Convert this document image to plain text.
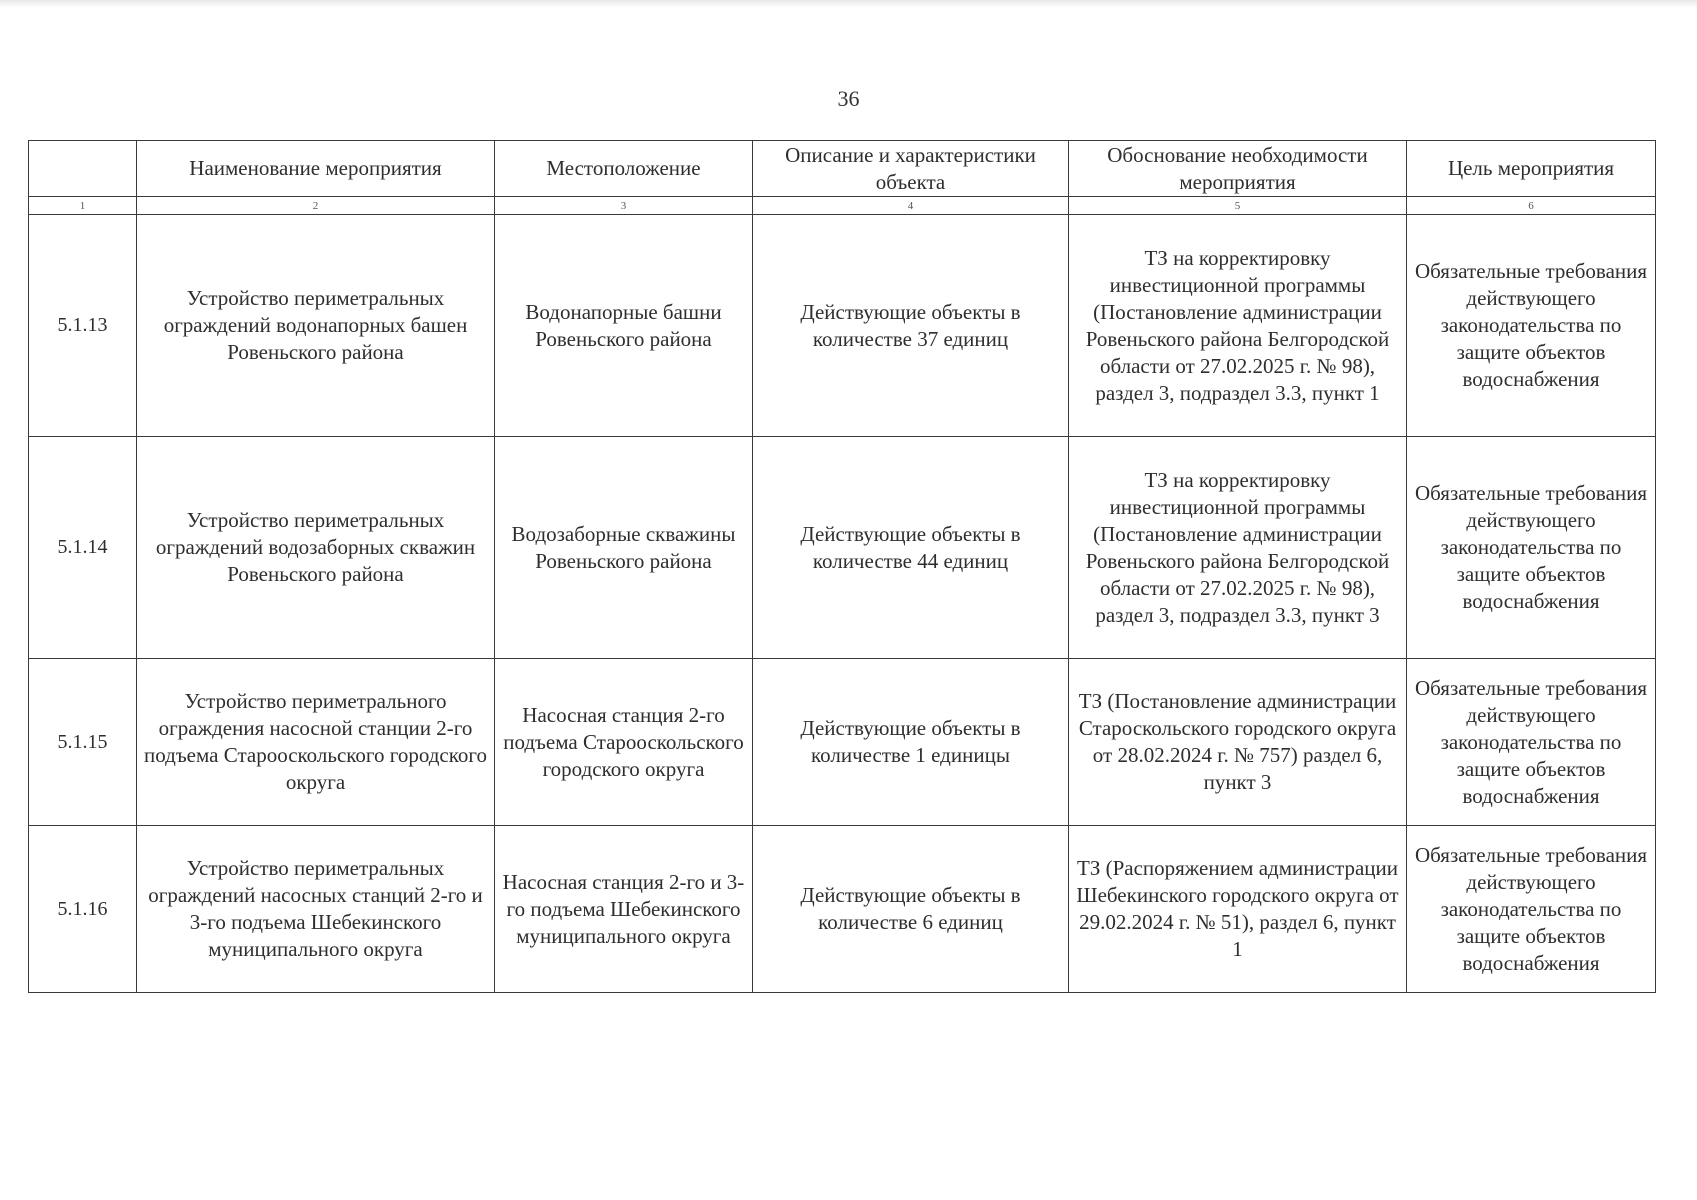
36
	Наименование мероприятия	Местоположение	Описание и характеристики объекта	Обоснование необходимости мероприятия	Цель мероприятия
1	2	3	4	5	6
5.1.13	Устройство периметральных ограждений водонапорных башен Ровеньского района	Водонапорные башни Ровеньского района	Действующие объекты в количестве 37 единиц	ТЗ на корректировку инвестиционной программы (Постановление администрации Ровеньского района Белгородской области от 27.02.2025 г. № 98), раздел 3, подраздел 3.3, пункт 1	Обязательные требования действующего законодательства по защите объектов водоснабжения
5.1.14	Устройство периметральных ограждений водозаборных скважин Ровеньского района	Водозаборные скважины Ровеньского района	Действующие объекты в количестве 44 единиц	ТЗ на корректировку инвестиционной программы (Постановление администрации Ровеньского района Белгородской области от 27.02.2025 г. № 98), раздел 3, подраздел 3.3, пункт 3	Обязательные требования действующего законодательства по защите объектов водоснабжения
5.1.15	Устройство периметрального ограждения насосной станции 2-го подъема Старооскольского городского округа	Насосная станция 2-го подъема Старооскольского городского округа	Действующие объекты в количестве 1 единицы	ТЗ (Постановление администрации Староскольского городского округа от 28.02.2024 г. № 757) раздел 6, пункт 3	Обязательные требования действующего законодательства по защите объектов водоснабжения
5.1.16	Устройство периметральных ограждений насосных станций 2-го и 3-го подъема Шебекинского муниципального округа	Насосная станция 2-го и 3-го подъема Шебекинского муниципального округа	Действующие объекты в количестве 6 единиц	ТЗ (Распоряжением администрации Шебекинского городского округа от 29.02.2024 г. № 51), раздел 6, пункт 1	Обязательные требования действующего законодательства по защите объектов водоснабжения
